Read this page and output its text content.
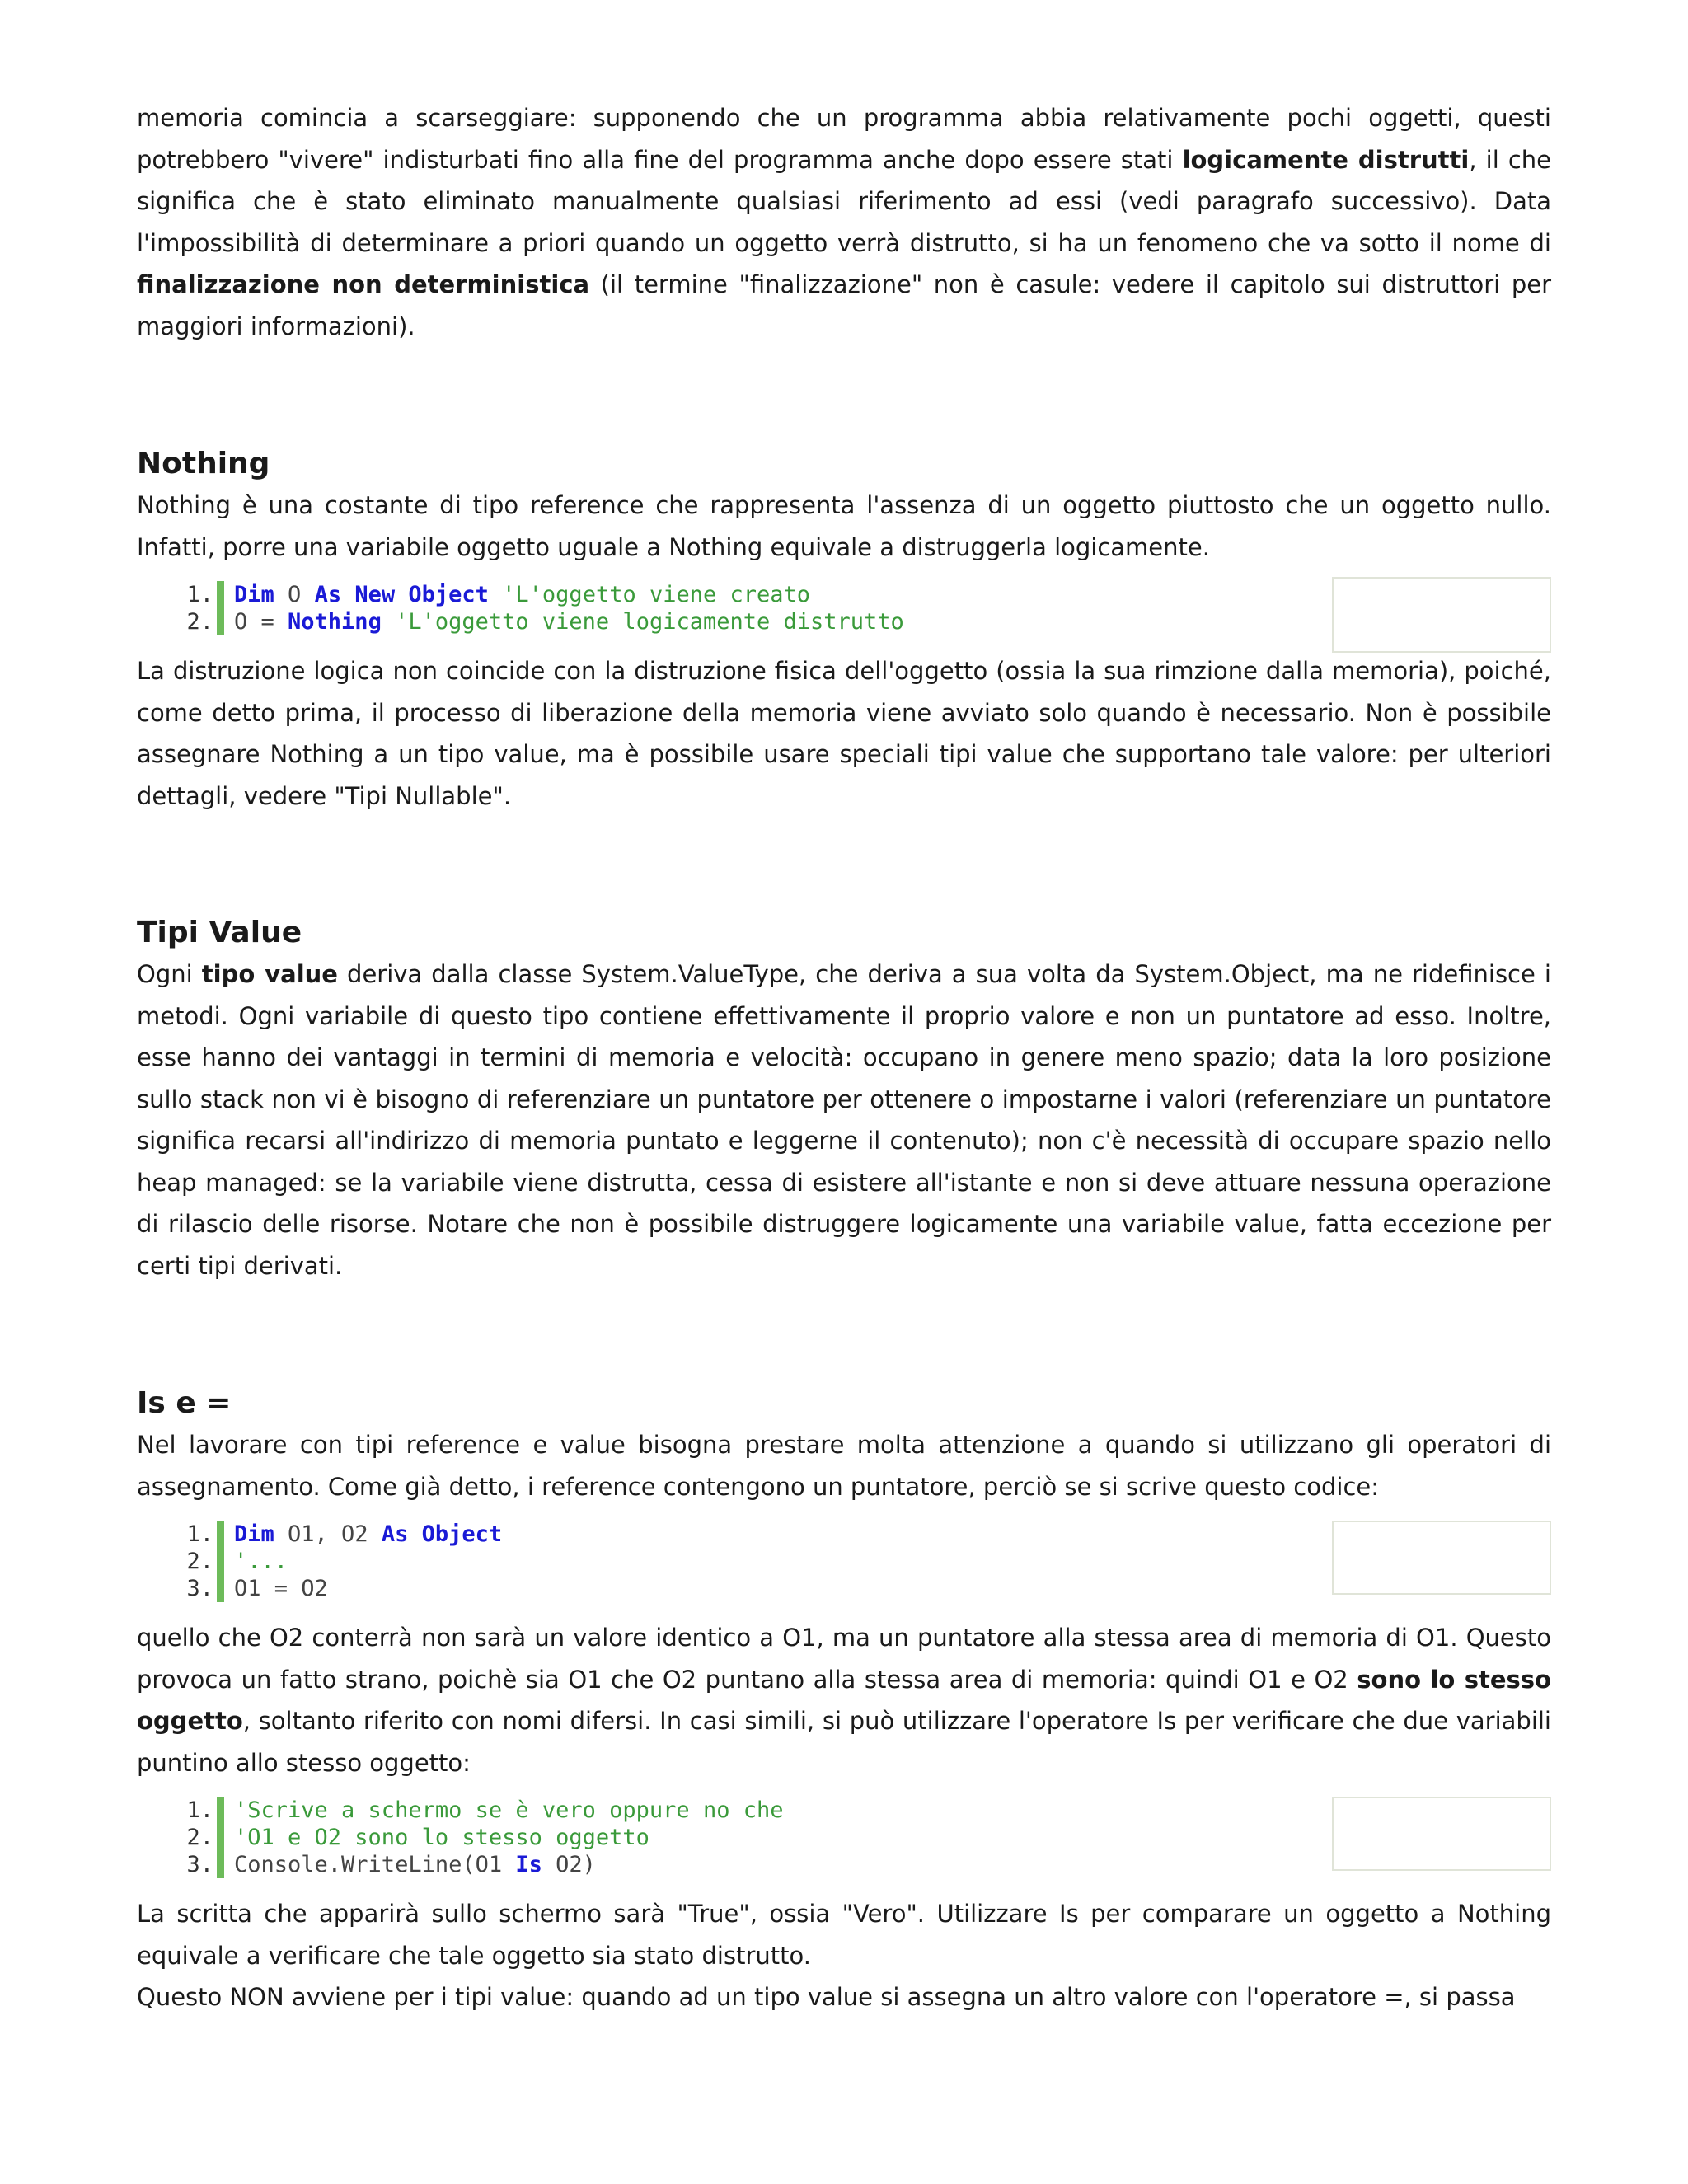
memoria comincia a scarseggiare: supponendo che un programma abbia relativamente pochi oggetti, questi potrebbero "vivere" indisturbati fino alla fine del programma anche dopo essere stati logicamente distrutti, il che significa che è stato eliminato manualmente qualsiasi riferimento ad essi (vedi paragrafo successivo). Data l'impossibilità di determinare a priori quando un oggetto verrà distrutto, si ha un fenomeno che va sotto il nome di finalizzazione non deterministica (il termine "finalizzazione" non è casule: vedere il capitolo sui distruttori per maggiori informazioni).

Nothing

Nothing è una costante di tipo reference che rappresenta l'assenza di un oggetto piuttosto che un oggetto nullo. Infatti, porre una variabile oggetto uguale a Nothing equivale a distruggerla logicamente.

1. Dim O As New Object 'L'oggetto viene creato
2. O = Nothing 'L'oggetto viene logicamente distrutto

La distruzione logica non coincide con la distruzione fisica dell'oggetto (ossia la sua rimzione dalla memoria), poiché, come detto prima, il processo di liberazione della memoria viene avviato solo quando è necessario. Non è possibile assegnare Nothing a un tipo value, ma è possibile usare speciali tipi value che supportano tale valore: per ulteriori dettagli, vedere "Tipi Nullable".

Tipi Value

Ogni tipo value deriva dalla classe System.ValueType, che deriva a sua volta da System.Object, ma ne ridefinisce i metodi. Ogni variabile di questo tipo contiene effettivamente il proprio valore e non un puntatore ad esso. Inoltre, esse hanno dei vantaggi in termini di memoria e velocità: occupano in genere meno spazio; data la loro posizione sullo stack non vi è bisogno di referenziare un puntatore per ottenere o impostarne i valori (referenziare un puntatore significa recarsi all'indirizzo di memoria puntato e leggerne il contenuto); non c'è necessità di occupare spazio nello heap managed: se la variabile viene distrutta, cessa di esistere all'istante e non si deve attuare nessuna operazione di rilascio delle risorse. Notare che non è possibile distruggere logicamente una variabile value, fatta eccezione per certi tipi derivati.

Is e =

Nel lavorare con tipi reference e value bisogna prestare molta attenzione a quando si utilizzano gli operatori di assegnamento. Come già detto, i reference contengono un puntatore, perciò se si scrive questo codice:

1. Dim O1, O2 As Object
2. '...
3. O1 = O2

quello che O2 conterrà non sarà un valore identico a O1, ma un puntatore alla stessa area di memoria di O1. Questo provoca un fatto strano, poichè sia O1 che O2 puntano alla stessa area di memoria: quindi O1 e O2 sono lo stesso oggetto, soltanto riferito con nomi difersi. In casi simili, si può utilizzare l'operatore Is per verificare che due variabili puntino allo stesso oggetto:

1. 'Scrive a schermo se è vero oppure no che
2. 'O1 e O2 sono lo stesso oggetto
3. Console.WriteLine(O1 Is O2)

La scritta che apparirà sullo schermo sarà "True", ossia "Vero". Utilizzare Is per comparare un oggetto a Nothing equivale a verificare che tale oggetto sia stato distrutto.

Questo NON avviene per i tipi value: quando ad un tipo value si assegna un altro valore con l'operatore =, si passa
